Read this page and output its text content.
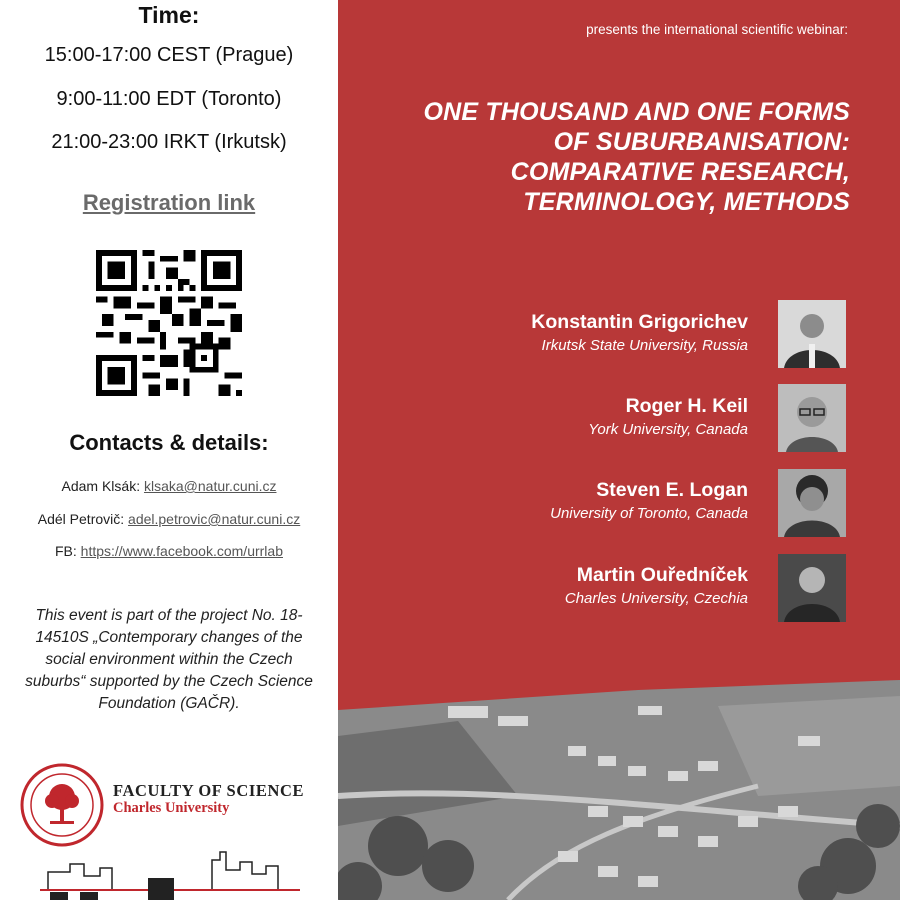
Time:
15:00-17:00 CEST (Prague)
9:00-11:00 EDT (Toronto)
21:00-23:00 IRKT (Irkutsk)
Registration link
Contacts & details:
Adam Klsák: klsaka@natur.cuni.cz
Adél Petrovič: adel.petrovic@natur.cuni.cz
FB: https://www.facebook.com/urrlab
This event is part of the project No. 18-14510S „Contemporary changes of the social environment within the Czech suburbs“ supported by the Czech Science Foundation (GAČR).
FACULTY OF SCIENCE
Charles University
presents the international scientific webinar:
ONE THOUSAND AND ONE FORMS
OF SUBURBANISATION:
COMPARATIVE RESEARCH,
TERMINOLOGY, METHODS
Konstantin Grigorichev
Irkutsk State University, Russia
Roger H. Keil
York University, Canada
Steven E. Logan
University of Toronto, Canada
Martin Ouředníček
Charles University, Czechia
